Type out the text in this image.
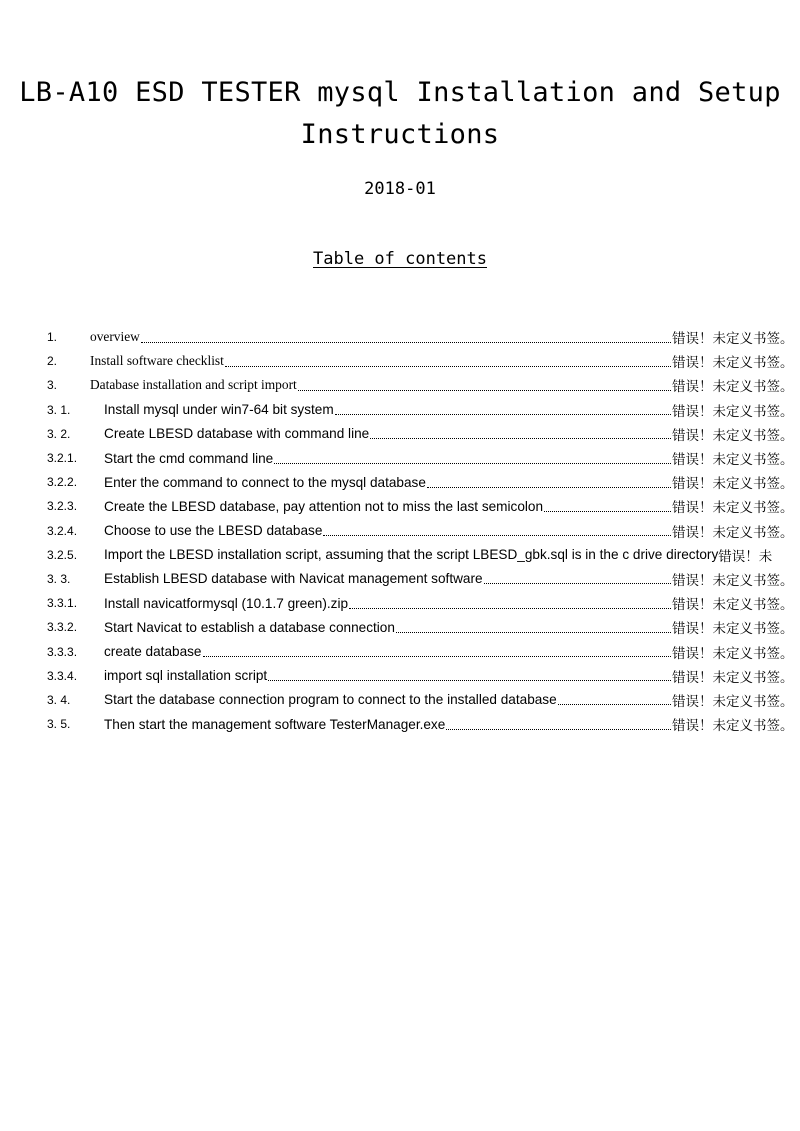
LB-A10 ESD TESTER mysql Installation and Setup
Instructions
2018-01
Table of contents
1.	overview	错误！未定义书签。
2.	Install software checklist	错误！未定义书签。
3.	Database installation and script import	错误！未定义书签。
3. 1.	Install mysql under win7-64 bit system	错误！未定义书签。
3. 2.	Create LBESD database with command line	错误！未定义书签。
3.2.1.	Start the cmd command line	错误！未定义书签。
3.2.2.	Enter the command to connect to the mysql database	错误！未定义书签。
3.2.3.	Create the LBESD database, pay attention not to miss the last semicolon	错误！未定义书签。
3.2.4.	Choose to use the LBESD database	错误！未定义书签。
3.2.5.	Import the LBESD installation script, assuming that the script LBESD_gbk.sql is in the c drive directory 错误！未
3. 3.	Establish LBESD database with Navicat management software	错误！未定义书签。
3.3.1.	Install navicatformysql (10.1.7 green).zip	错误！未定义书签。
3.3.2.	Start Navicat to establish a database connection	错误！未定义书签。
3.3.3.	create database	错误！未定义书签。
3.3.4.	import sql installation script	错误！未定义书签。
3. 4.	Start the database connection program to connect to the installed database	错误！未定义书签。
3. 5.	Then start the management software TesterManager.exe	错误！未定义书签。
